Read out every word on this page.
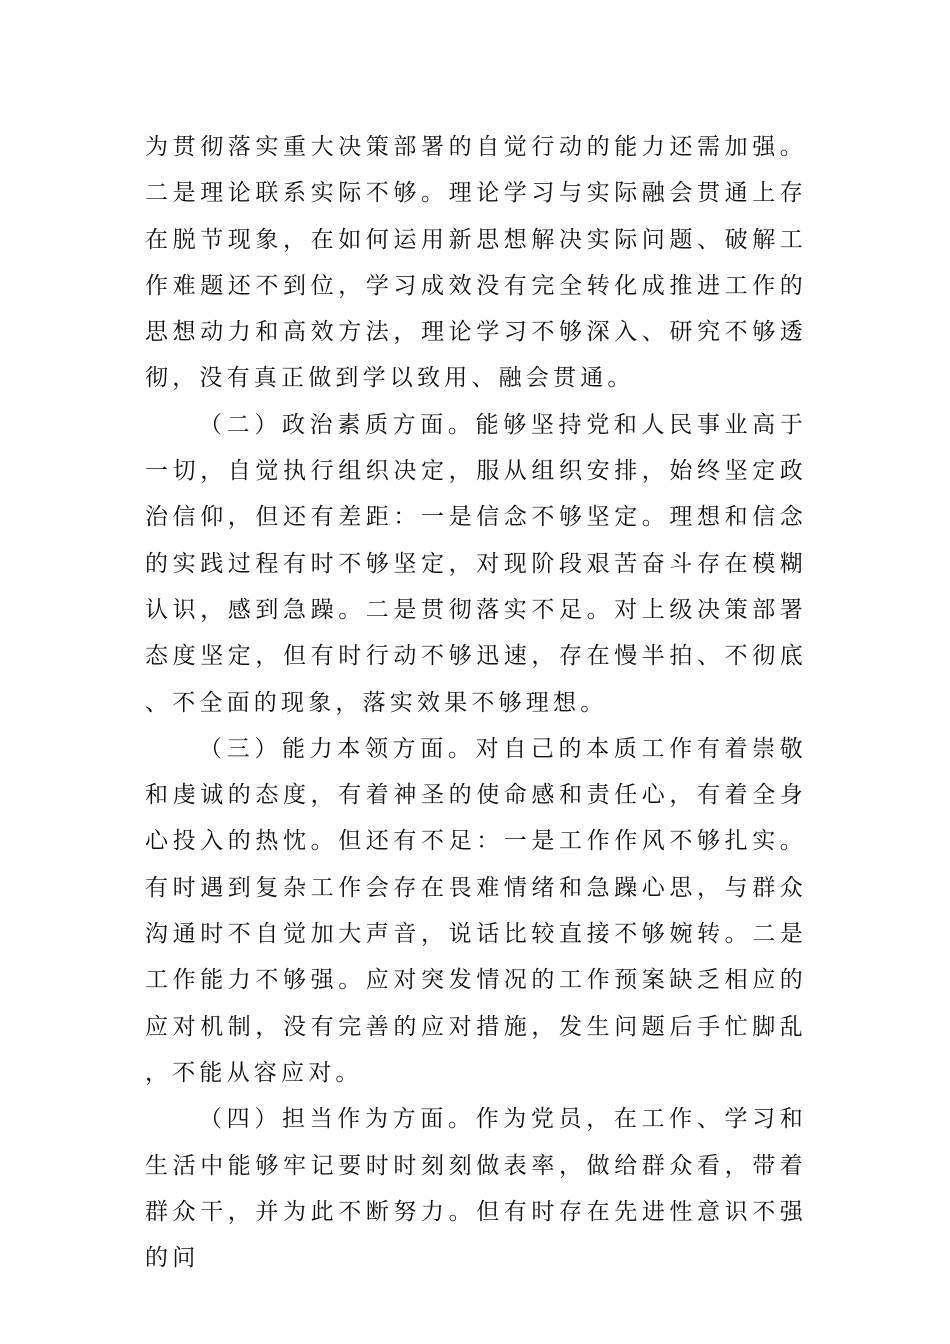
为贯彻落实重大决策部署的自觉行动的能力还需加强。二是理论联系实际不够。理论学习与实际融会贯通上存在脱节现象，在如何运用新思想解决实际问题、破解工作难题还不到位，学习成效没有完全转化成推进工作的思想动力和高效方法，理论学习不够深入、研究不够透彻，没有真正做到学以致用、融会贯通。

（二）政治素质方面。能够坚持党和人民事业高于一切，自觉执行组织决定，服从组织安排，始终坚定政治信仰，但还有差距：一是信念不够坚定。理想和信念的实践过程有时不够坚定，对现阶段艰苦奋斗存在模糊认识，感到急躁。二是贯彻落实不足。对上级决策部署态度坚定，但有时行动不够迅速，存在慢半拍、不彻底、不全面的现象，落实效果不够理想。

（三）能力本领方面。对自己的本质工作有着崇敬和虔诚的态度，有着神圣的使命感和责任心，有着全身心投入的热忱。但还有不足：一是工作作风不够扎实。有时遇到复杂工作会存在畏难情绪和急躁心思，与群众沟通时不自觉加大声音，说话比较直接不够婉转。二是工作能力不够强。应对突发情况的工作预案缺乏相应的应对机制，没有完善的应对措施，发生问题后手忙脚乱，不能从容应对。

（四）担当作为方面。作为党员，在工作、学习和生活中能够牢记要时时刻刻做表率，做给群众看，带着群众干，并为此不断努力。但有时存在先进性意识不强的问
